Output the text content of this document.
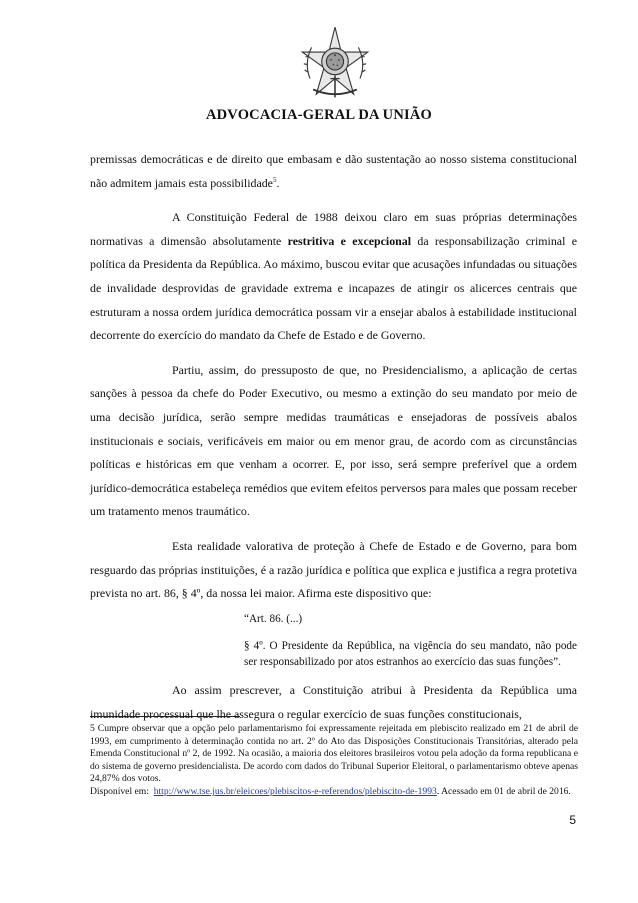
ADVOCACIA-GERAL DA UNIÃO

premissas democráticas e de direito que embasam e dão sustentação ao nosso sistema constitucional não admitem jamais esta possibilidade$^5$.

A Constituição Federal de 1988 deixou claro em suas próprias determinações normativas a dimensão absolutamente restritiva e excepcional da responsabilização criminal e política da Presidenta da República. Ao máximo, buscou evitar que acusações infundadas ou situações de invalidade desprovidas de gravidade extrema e incapazes de atingir os alicerces centrais que estruturam a nossa ordem jurídica democrática possam vir a ensejar abalos à estabilidade institucional decorrente do exercício do mandato da Chefe de Estado e de Governo.

Partiu, assim, do pressuposto de que, no Presidencialismo, a aplicação de certas sanções à pessoa da chefe do Poder Executivo, ou mesmo a extinção do seu mandato por meio de uma decisão jurídica, serão sempre medidas traumáticas e ensejadoras de possíveis abalos institucionais e sociais, verificáveis em maior ou em menor grau, de acordo com as circunstâncias políticas e históricas em que venham a ocorrer. E, por isso, será sempre preferível que a ordem jurídico-democrática estabeleça remédios que evitem efeitos perversos para males que possam receber um tratamento menos traumático.

Esta realidade valorativa de proteção à Chefe de Estado e de Governo, para bom resguardo das próprias instituições, é a razão jurídica e política que explica e justifica a regra protetiva prevista no art. 86, § 4º, da nossa lei maior. Afirma este dispositivo que:

“Art. 86. (...)

§ 4º. O Presidente da República, na vigência do seu mandato, não pode ser responsabilizado por atos estranhos ao exercício das suas funções”.

Ao assim prescrever, a Constituição atribui à Presidenta da República uma imunidade processual que lhe assegura o regular exercício de suas funções constitucionais,

5 Cumpre observar que a opção pelo parlamentarismo foi expressamente rejeitada em plebiscito realizado em 21 de abril de 1993, em cumprimento à determinação contida no art. 2º do Ato das Disposições Constitucionais Transitórias, alterado pela Emenda Constitucional nº 2, de 1992. Na ocasião, a maioria dos eleitores brasileiros votou pela adoção da forma republicana e do sistema de governo presidencialista. De acordo com dados do Tribunal Superior Eleitoral, o parlamentarismo obteve apenas 24,87% dos votos.

Disponível em: http://www.tse.jus.br/eleicoes/plebiscitos-e-referendos/plebiscito-de-1993. Acessado em 01 de abril de 2016.

5
